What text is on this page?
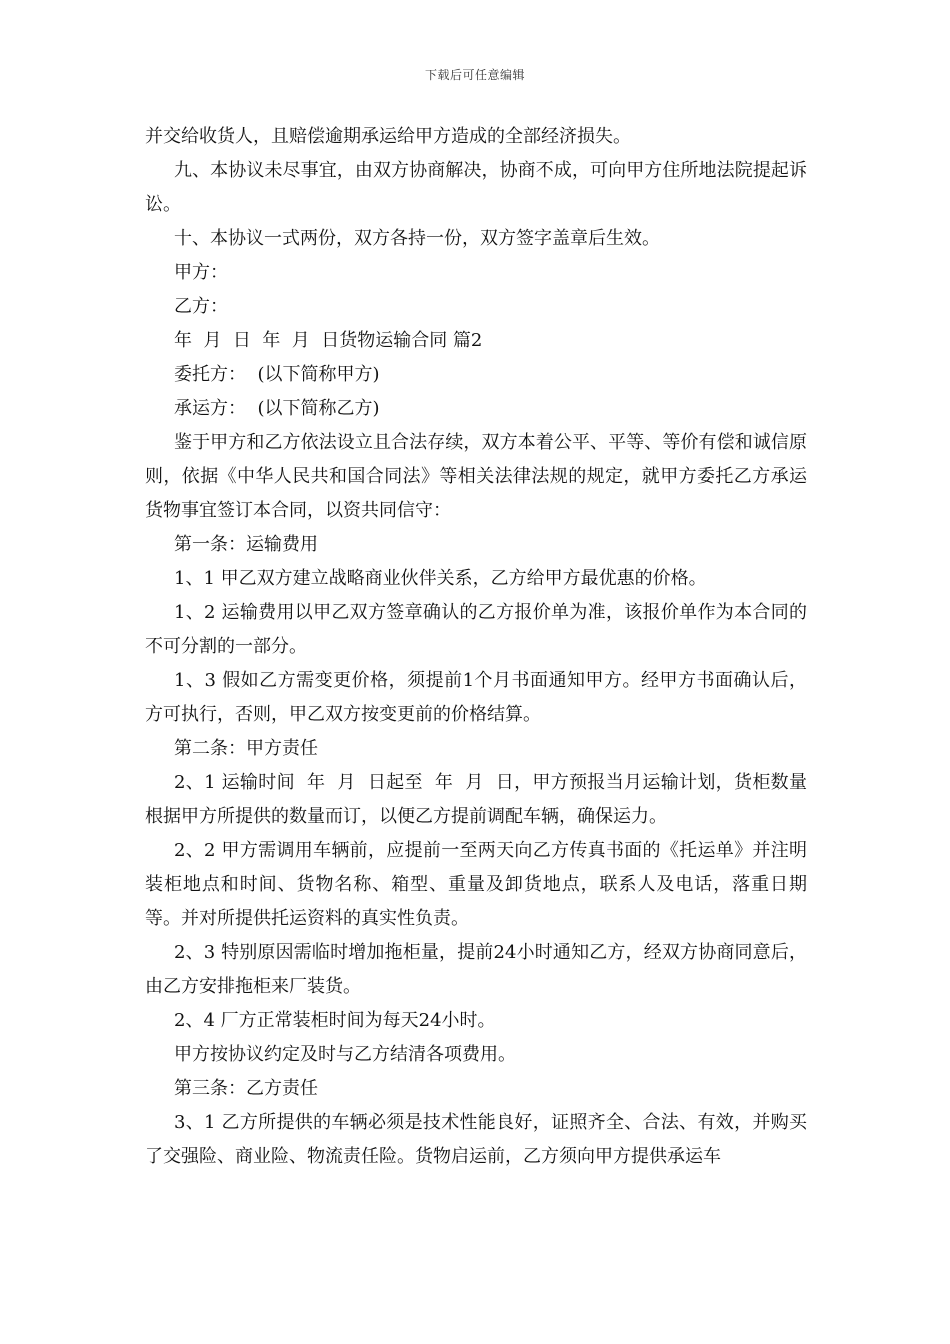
下载后可任意编辑

并交给收货人，且赔偿逾期承运给甲方造成的全部经济损失。

九、本协议未尽事宜，由双方协商解决，协商不成，可向甲方住所地法院提起诉讼。

十、本协议一式两份，双方各持一份，双方签字盖章后生效。

甲方：

乙方：

年  月  日  年  月  日货物运输合同 篇2

委托方：  (以下简称甲方)

承运方：  (以下简称乙方)

鉴于甲方和乙方依法设立且合法存续，双方本着公平、平等、等价有偿和诚信原则，依据《中华人民共和国合同法》等相关法律法规的规定，就甲方委托乙方承运货物事宜签订本合同，以资共同信守：

第一条：运输费用

1、1 甲乙双方建立战略商业伙伴关系，乙方给甲方最优惠的价格。

1、2 运输费用以甲乙双方签章确认的乙方报价单为准，该报价单作为本合同的不可分割的一部分。

1、3 假如乙方需变更价格，须提前1个月书面通知甲方。经甲方书面确认后，方可执行，否则，甲乙双方按变更前的价格结算。

第二条：甲方责任

2、1 运输时间  年  月  日起至  年  月  日，甲方预报当月运输计划，货柜数量根据甲方所提供的数量而订，以便乙方提前调配车辆，确保运力。

2、2 甲方需调用车辆前，应提前一至两天向乙方传真书面的《托运单》并注明装柜地点和时间、货物名称、箱型、重量及卸货地点，联系人及电话，落重日期等。并对所提供托运资料的真实性负责。

2、3 特别原因需临时增加拖柜量，提前24小时通知乙方，经双方协商同意后，由乙方安排拖柜来厂装货。

2、4 厂方正常装柜时间为每天24小时。

甲方按协议约定及时与乙方结清各项费用。

第三条：乙方责任

3、1 乙方所提供的车辆必须是技术性能良好，证照齐全、合法、有效，并购买了交强险、商业险、物流责任险。货物启运前，乙方须向甲方提供承运车
